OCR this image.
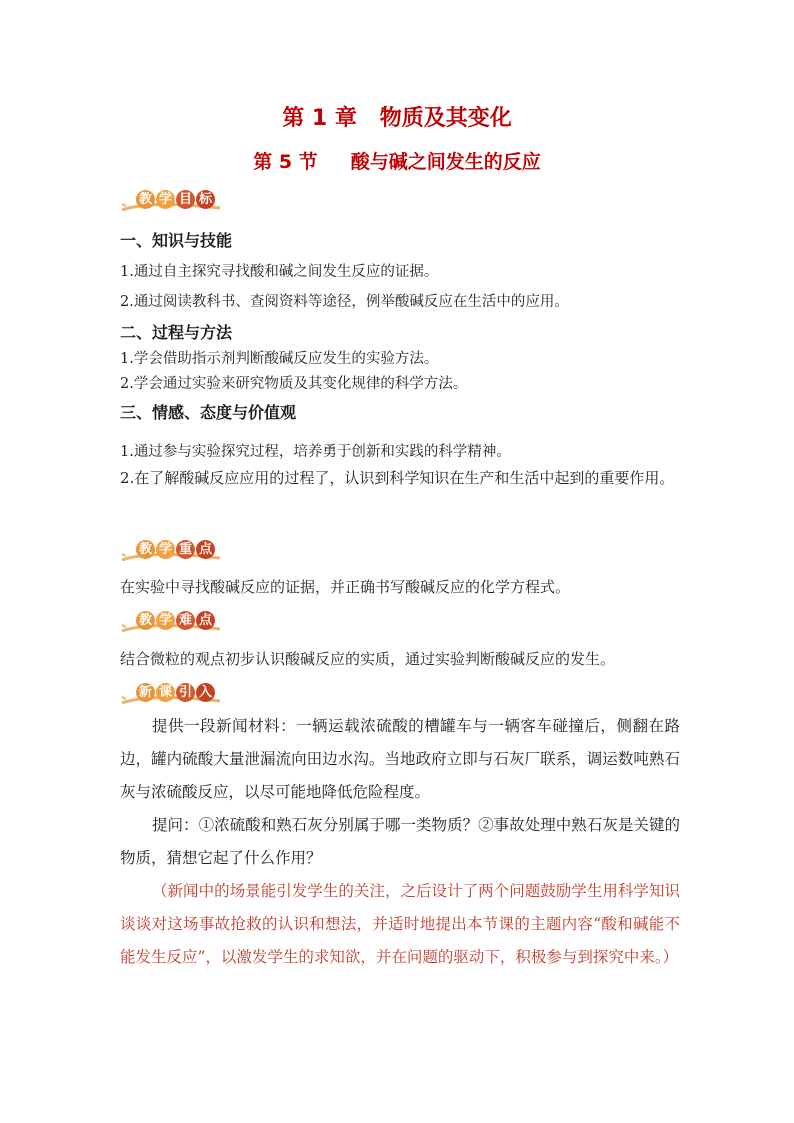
第 1 章   物质及其变化
第 5 节     酸与碱之间发生的反应
教 学 目 标
一、知识与技能
1.通过自主探究寻找酸和碱之间发生反应的证据。
2.通过阅读教科书、查阅资料等途径，例举酸碱反应在生活中的应用。
二、过程与方法
1.学会借助指示剂判断酸碱反应发生的实验方法。
2.学会通过实验来研究物质及其变化规律的科学方法。
三、情感、态度与价值观
1.通过参与实验探究过程，培养勇于创新和实践的科学精神。
2.在了解酸碱反应应用的过程了，认识到科学知识在生产和生活中起到的重要作用。
教 学 重 点
在实验中寻找酸碱反应的证据，并正确书写酸碱反应的化学方程式。
教 学 难 点
结合微粒的观点初步认识酸碱反应的实质，通过实验判断酸碱反应的发生。
新 课 引 入
提供一段新闻材料：一辆运载浓硫酸的槽罐车与一辆客车碰撞后，侧翻在路边，罐内硫酸大量泄漏流向田边水沟。当地政府立即与石灰厂联系，调运数吨熟石灰与浓硫酸反应，以尽可能地降低危险程度。
提问：①浓硫酸和熟石灰分别属于哪一类物质？②事故处理中熟石灰是关键的物质，猜想它起了什么作用？
（新闻中的场景能引发学生的关注，之后设计了两个问题鼓励学生用科学知识谈谈对这场事故抢救的认识和想法，并适时地提出本节课的主题内容“酸和碱能不能发生反应”，以激发学生的求知欲，并在问题的驱动下，积极参与到探究中来。）
